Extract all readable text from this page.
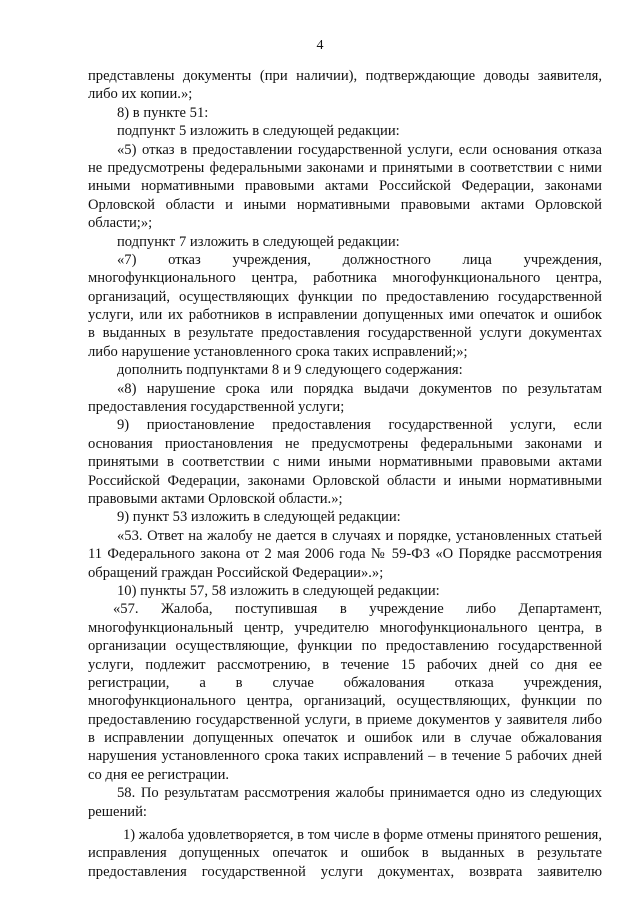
4
представлены документы (при наличии), подтверждающие доводы заявителя,
либо их копии.»;
8) в пункте 51:
подпункт 5 изложить в следующей редакции:
«5) отказ в предоставлении государственной услуги, если основания отказа
не предусмотрены федеральными законами и принятыми в соответствии с ними
иными нормативными правовыми актами Российской Федерации, законами
Орловской области и иными нормативными правовыми актами Орловской
области;»;
подпункт 7 изложить в следующей редакции:
«7) отказ учреждения, должностного лица учреждения,
многофункционального центра, работника многофункционального центра,
организаций, осуществляющих функции по предоставлению государственной
услуги, или их работников в исправлении допущенных ими опечаток и ошибок
в выданных в результате предоставления государственной услуги документах
либо нарушение установленного срока таких исправлений;»;
дополнить подпунктами 8 и 9 следующего содержания:
«8) нарушение срока или порядка выдачи документов по результатам
предоставления государственной услуги;
9) приостановление предоставления государственной услуги, если
основания приостановления не предусмотрены федеральными законами и
принятыми в соответствии с ними иными нормативными правовыми актами
Российской Федерации, законами Орловской области и иными нормативными
правовыми актами Орловской области.»;
9) пункт 53 изложить в следующей редакции:
«53. Ответ на жалобу не дается в случаях и порядке, установленных статьей
11 Федерального закона от 2 мая 2006 года № 59-ФЗ «О Порядке рассмотрения
обращений граждан Российской Федерации».»;
10) пункты 57, 58 изложить в следующей редакции:
«57. Жалоба, поступившая в учреждение либо Департамент,
многофункциональный центр, учредителю многофункционального центра, в
организации осуществляющие, функции по предоставлению государственной
услуги, подлежит рассмотрению, в течение 15 рабочих дней со дня ее
регистрации, а в случае обжалования отказа учреждения,
многофункционального центра, организаций, осуществляющих, функции по
предоставлению государственной услуги, в приеме документов у заявителя либо
в исправлении допущенных опечаток и ошибок или в случае обжалования
нарушения установленного срока таких исправлений – в течение 5 рабочих дней
со дня ее регистрации.
58. По результатам рассмотрения жалобы принимается одно из следующих
решений:
1) жалоба удовлетворяется, в том числе в форме отмены принятого решения,
исправления допущенных опечаток и ошибок в выданных в результате
предоставления государственной услуги документах, возврата заявителю
